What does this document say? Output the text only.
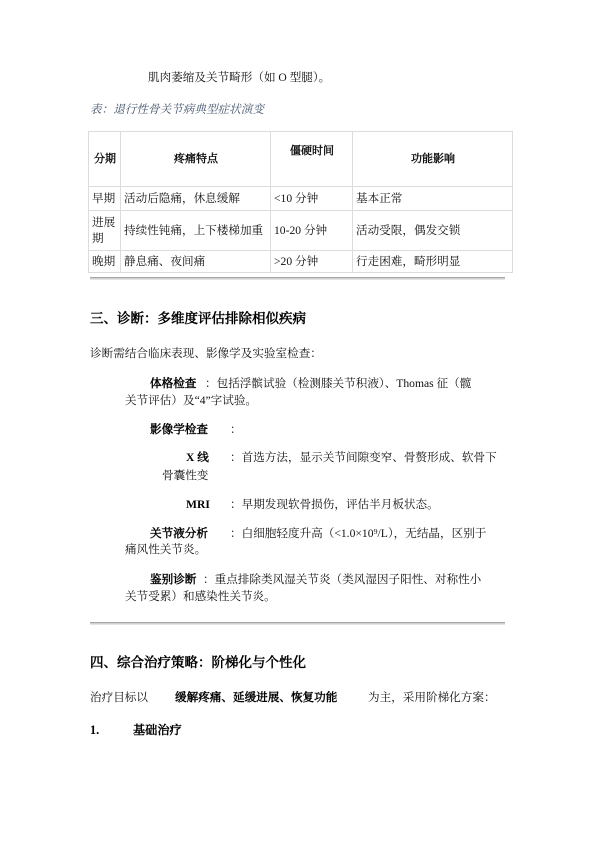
肌肉萎缩及关节畸形（如 O 型腿）。
表：退行性骨关节病典型症状演变
分期	疼痛特点	僵硬时间	功能影响
早期	活动后隐痛，休息缓解	<10 分钟	基本正常
进展期	持续性钝痛，上下楼梯加重	10-20 分钟	活动受限，偶发交锁
晚期	静息痛、夜间痛	>20 分钟	行走困难，畸形明显
三、诊断：多维度评估排除相似疾病
诊断需结合临床表现、影像学及实验室检查：
体格检查 ：包括浮髌试验（检测膝关节积液）、Thomas 征（髋
关节评估）及“4”字试验。
影像学检查 ：
X 线 ：首选方法，显示关节间隙变窄、骨赘形成、软骨下
骨囊性变
MRI ：早期发现软骨损伤，评估半月板状态。
关节液分析 ：白细胞轻度升高（<1.0×10⁹/L），无结晶，区别于
痛风性关节炎。
鉴别诊断 ：重点排除类风湿关节炎（类风湿因子阳性、对称性小
关节受累）和感染性关节炎。
四、综合治疗策略：阶梯化与个性化
治疗目标以 缓解疼痛、延缓进展、恢复功能	为主，采用阶梯化方案：
1.	基础治疗
